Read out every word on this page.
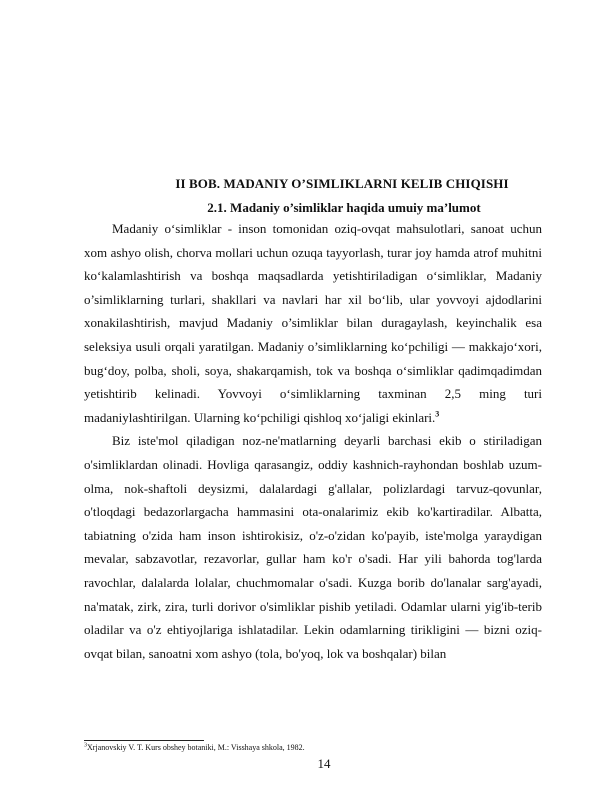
II BOB. MADANIY O’SIMLIKLARNI KELIB CHIQISHI
2.1. Madaniy o’simliklar haqida umuiy ma’lumot

Madaniy o‘simliklar - inson tomonidan oziq-ovqat mahsulotlari, sanoat uchun xom ashyo olish, chorva mollari uchun ozuqa tayyorlash, turar joy hamda atrof muhitni ko‘kalamlashtirish va boshqa maqsadlarda yetishtiriladigan o‘simliklar, Madaniy o’simliklarning turlari, shakllari va navlari har xil bo‘lib, ular yovvoyi ajdodlarini xonakilashtirish, mavjud Madaniy o’simliklar bilan duragaylash, keyinchalik esa seleksiya usuli orqali yaratilgan. Madaniy o’simliklarning ko‘pchiligi — makkajo‘xori, bug‘doy, polba, sholi, soya, shakarqamish, tok va boshqa o‘simliklar qadimqadimdan yetishtirib kelinadi. Yovvoyi o‘simliklarning taxminan 2,5 ming turi madaniylashtirilgan. Ularning ko‘pchiligi qishloq xo‘jaligi ekinlari.$^3$

Biz iste'mol qiladigan noz-ne'matlarning deyarli barchasi ekib o stiriladigan o'simliklardan olinadi. Hovliga qarasangiz, oddiy kashnich-rayhondan boshlab uzum-olma, nok-shaftoli deysizmi, dalalardagi g'allalar, polizlardagi tarvuz-qovunlar, o'tloqdagi bedazorlargacha hammasini ota-onalarimiz ekib ko'kartiradilar. Albatta, tabiatning o'zida ham inson ishtirokisiz, o'z-o'zidan ko'payib, iste'molga yaraydigan mevalar, sabzavotlar, rezavorlar, gullar ham ko'r o'sadi. Har yili bahorda tog'larda ravochlar, dalalarda lolalar, chuchmomalar o'sadi. Kuzga borib do'lanalar sarg'ayadi, na'matak, zirk, zira, turli dorivor o'simliklar pishib yetiladi. Odamlar ularni yig'ib-terib oladilar va o'z ehtiyojlariga ishlatadilar. Lekin odamlarning tirikligini — bizni oziq-ovqat bilan, sanoatni xom ashyo (tola, bo'yoq, lok va boshqalar) bilan

$^3$Xrjanovskiy V. T. Kurs obshey botaniki, M.: Visshaya shkola, 1982.
14
